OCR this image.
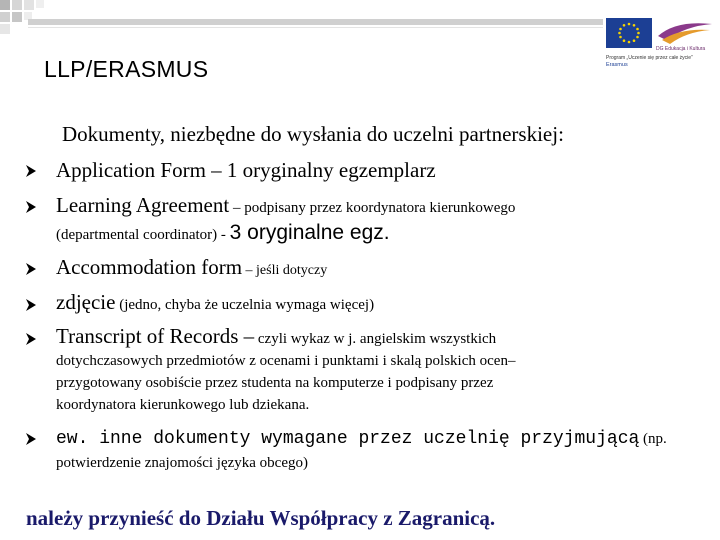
DG Edukacja i Kultura
Program „Uczenie się przez całe życie”
Erasmus
LLP/ERASMUS

Dokumenty, niezbędne do wysłania do uczelni partnerskiej:

Application Form – 1 oryginalny egzemplarz

Learning Agreement – podpisany przez koordynatora kierunkowego

(departmental coordinator) - 3 oryginalne egz.

Accommodation form – jeśli dotyczy

zdjęcie (jedno, chyba że uczelnia wymaga więcej)

Transcript of Records – czyli wykaz w j. angielskim wszystkich

dotychczasowych przedmiotów z ocenami i punktami i skalą polskich ocen–
przygotowany osobiście przez studenta na komputerze i podpisany przez
koordynatora kierunkowego lub dziekana.

ew. inne dokumenty wymagane przez uczelnię przyjmującą (np.

potwierdzenie znajomości języka obcego)

należy przynieść do Działu Współpracy z Zagranicą.
